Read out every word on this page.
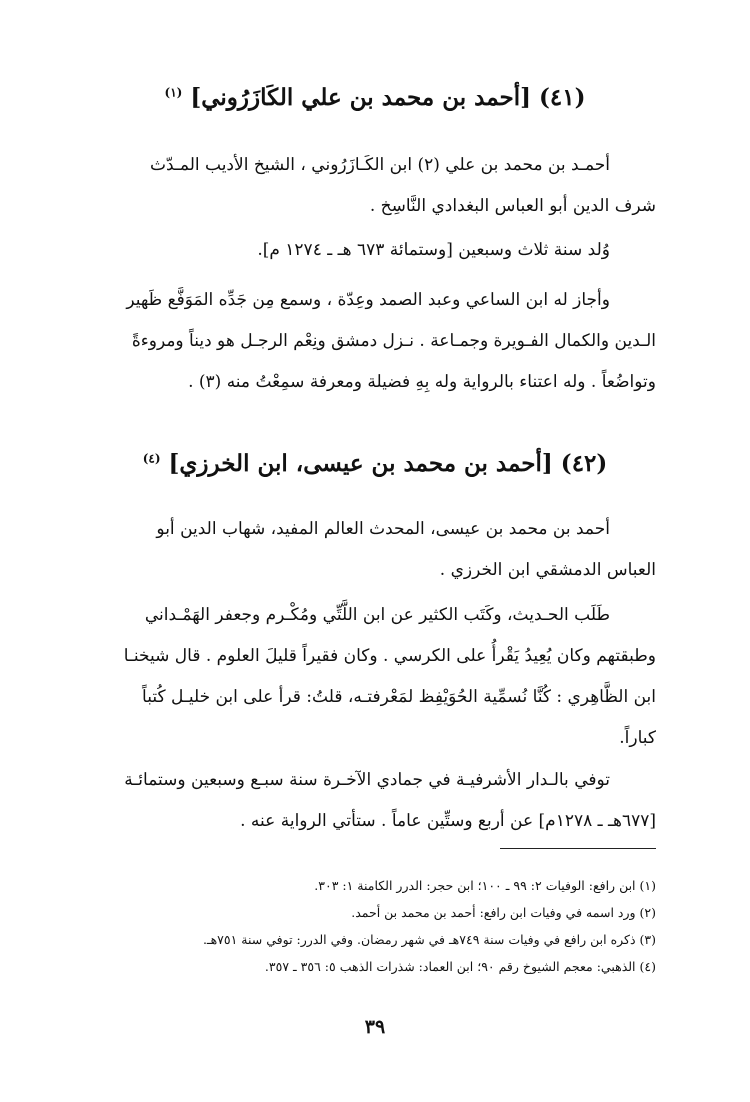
(٤١) [أحمد بن محمد بن علي الكَازَرُوني] $^{(١)}$
أحمـد بن محمد بن علي (٢) ابن الكَـازَرُوني ، الشيخ الأديب المـدّث
شرف الدين أبو العباس البغدادي النَّاسِخ .
وُلد سنة ثلاث وسبعين [وستمائة ٦٧٣ هـ ـ ١٢٧٤ م].
وأجاز له ابن الساعي وعبد الصمد وعِدّة ، وسمع مِن جَدِّه المَوَفَّع ظَهير
الـدين والكمال الفـويرة وجمـاعة . نـزل دمشق ونِعْم الرجـل هو ديناً ومروءةً
وتواضُعاً . وله اعتناء بالرواية وله بِهِ فضيلة ومعرفة سمِعْتُ منه (٣) .
(٤٢) [أحمد بن محمد بن عيسى، ابن الخرزي] $^{(٤)}$
أحمد بن محمد بن عيسى، المحدث العالم المفيد، شهاب الدين أبو
العباس الدمشقي ابن الخرزي .
طَلَب الحـديث، وكَتَب الكثير عن ابن اللَّتِّي ومُكْـرم وجعفر الهَمْـداني
وطبقتهم وكان يُعِيدُ يَقْرأُ على الكرسي . وكان فقيراً قليلَ العلوم . قال شيخنـا
ابن الظَّاهِري : كُنَّا نُسمِّية الحُوَيْفِظ لمَعْرفتـه، قلتُ: قرأ على ابن خليـل كُتباً
كباراً.
توفي بالـدار الأشرفيـة في جمادي الآخـرة سنة سبـع وسبعين وستمائـة
[٦٧٧هـ ـ ١٢٧٨م] عن أربع وستِّين عاماً . ستأتي الرواية عنه .
(١) ابن رافع: الوفيات ٢: ٩٩ ـ ١٠٠؛ ابن حجر: الدرر الكامنة ١: ٣٠٣.
(٢) ورد اسمه في وفيات ابن رافع: أحمد بن محمد بن أحمد.
(٣) ذكره ابن رافع في وفيات سنة ٧٤٩هـ في شهر رمضان. وفي الدرر: توفي سنة ٧٥١هـ.
(٤) الذهبي: معجم الشيوخ رقم ٩٠؛ ابن العماد: شذرات الذهب ٥: ٣٥٦ ـ ٣٥٧.
٣٩
